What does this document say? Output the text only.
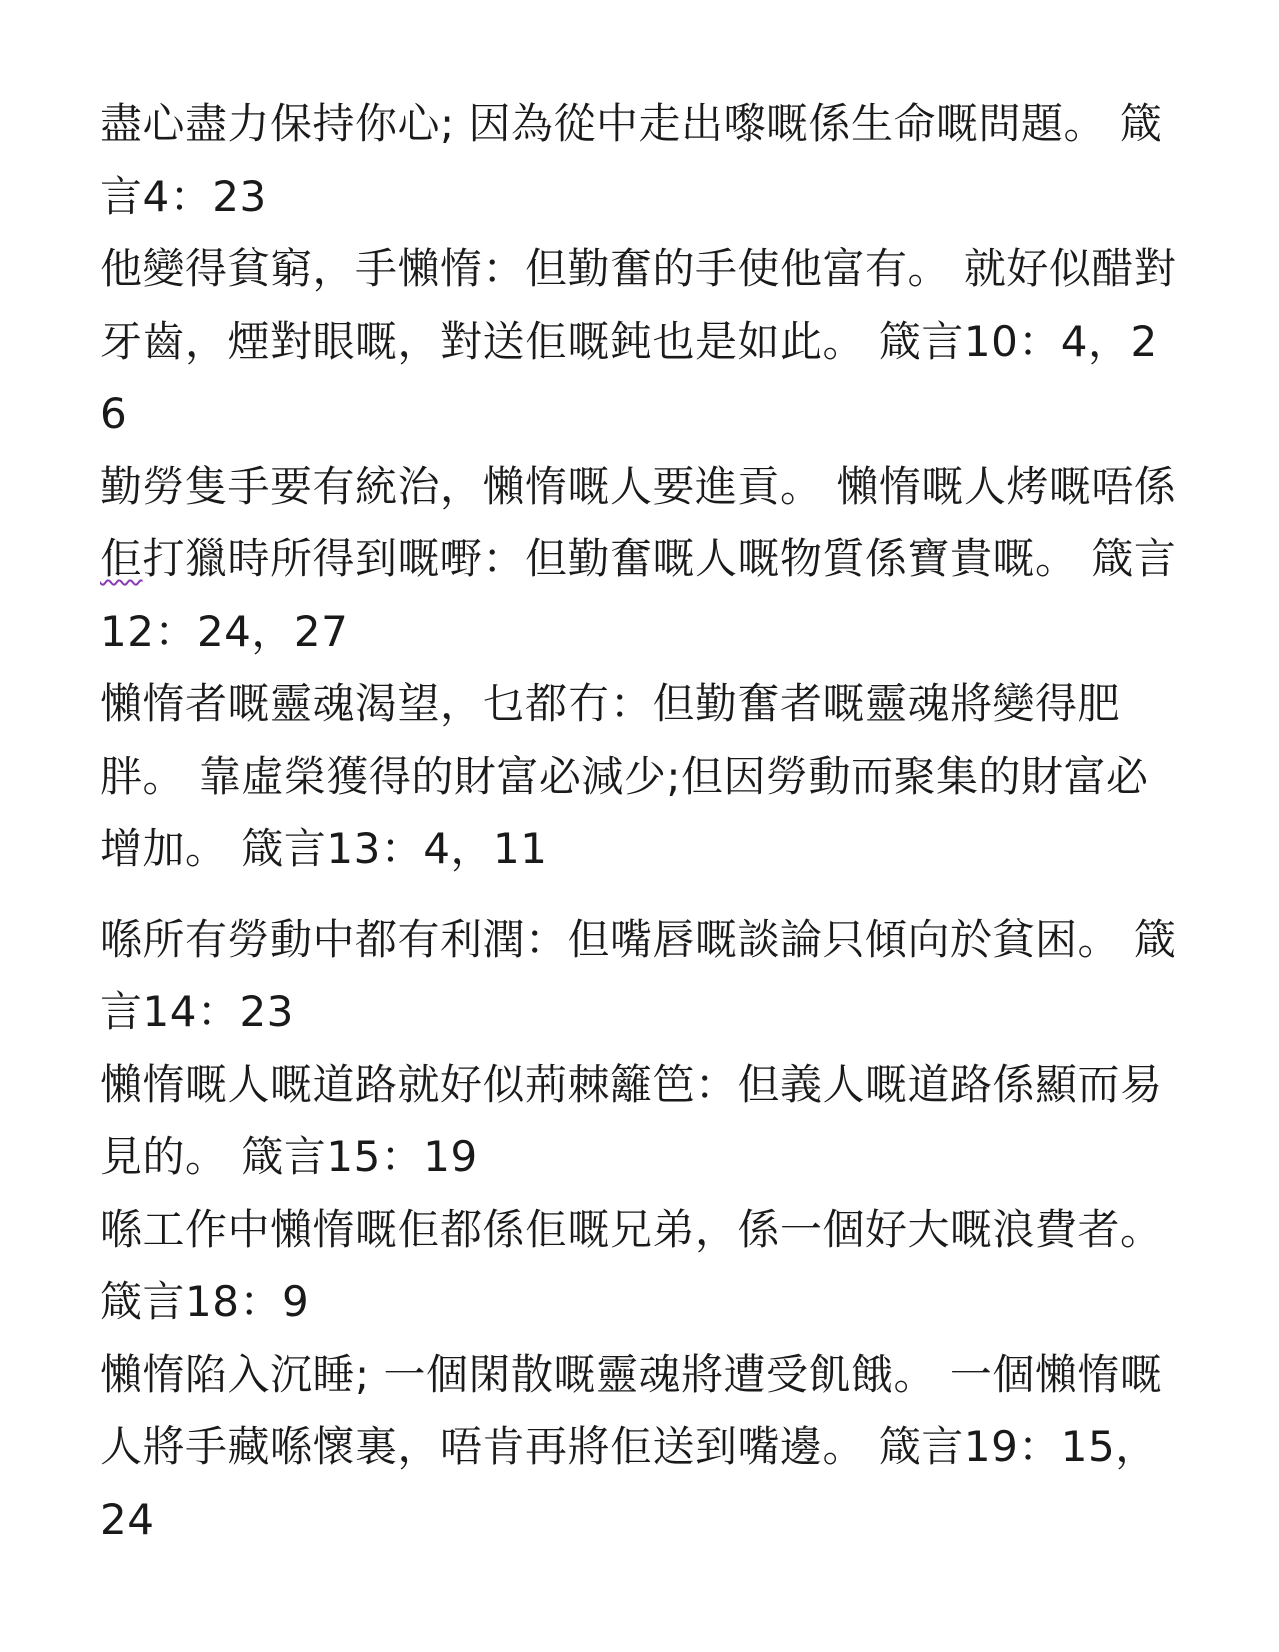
盡心盡力保持你心; 因為從中走出嚟嘅係生命嘅問題。 箴言4：23

他變得貧窮，手懶惰：但勤奮的手使他富有。 就好似醋對牙齒，煙對眼嘅，對送佢嘅鈍也是如此。 箴言10：4，26

勤勞隻手要有統治，懶惰嘅人要進貢。 懶惰嘅人烤嘅唔係佢打獵時所得到嘅嘢：但勤奮嘅人嘅物質係寶貴嘅。 箴言12：24，27

懶惰者嘅靈魂渴望，乜都冇：但勤奮者嘅靈魂將變得肥胖。 靠虛榮獲得的財富必減少;但因勞動而聚集的財富必增加。 箴言13：4，11

喺所有勞動中都有利潤：但嘴唇嘅談論只傾向於貧困。 箴言14：23

懶惰嘅人嘅道路就好似荊棘籬笆：但義人嘅道路係顯而易見的。 箴言15：19

喺工作中懶惰嘅佢都係佢嘅兄弟，係一個好大嘅浪費者。 箴言18：9

懶惰陷入沉睡; 一個閑散嘅靈魂將遭受飢餓。 一個懶惰嘅人將手藏喺懷裏，唔肯再將佢送到嘴邊。 箴言19：15，24
